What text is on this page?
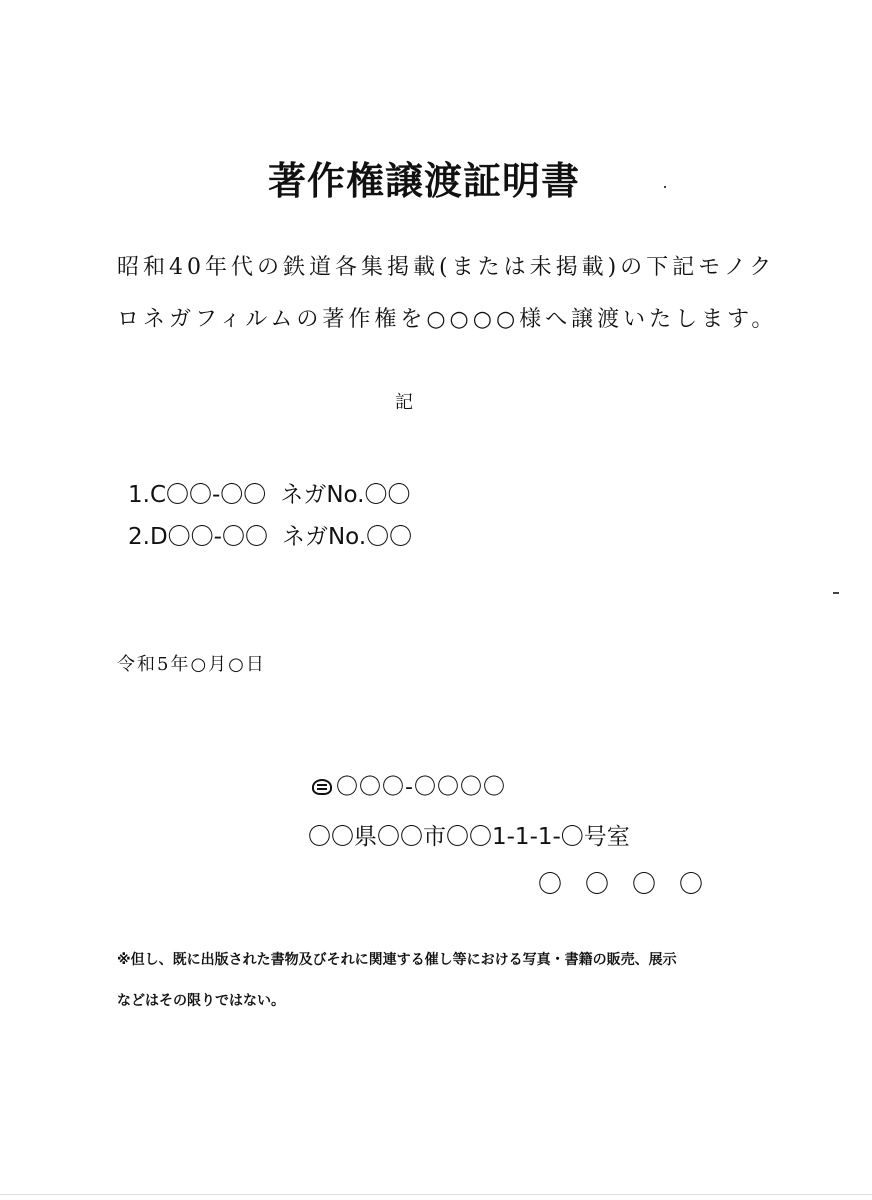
著作権譲渡証明書
昭和40年代の鉄道各集掲載(または未掲載)の下記モノク
ロネガフィルムの著作権を○○○○様へ譲渡いたします。
記
1.C〇〇-〇〇 ネガNo.〇〇
2.D〇〇-〇〇 ネガNo.〇〇
令和5年○月○日
〇〇〇-〇〇〇〇
〇〇県〇〇市〇〇1-1-1-〇号室
〇〇〇〇
※但し、既に出版された書物及びそれに関連する催し等における写真・書籍の販売、展示
などはその限りではない。
